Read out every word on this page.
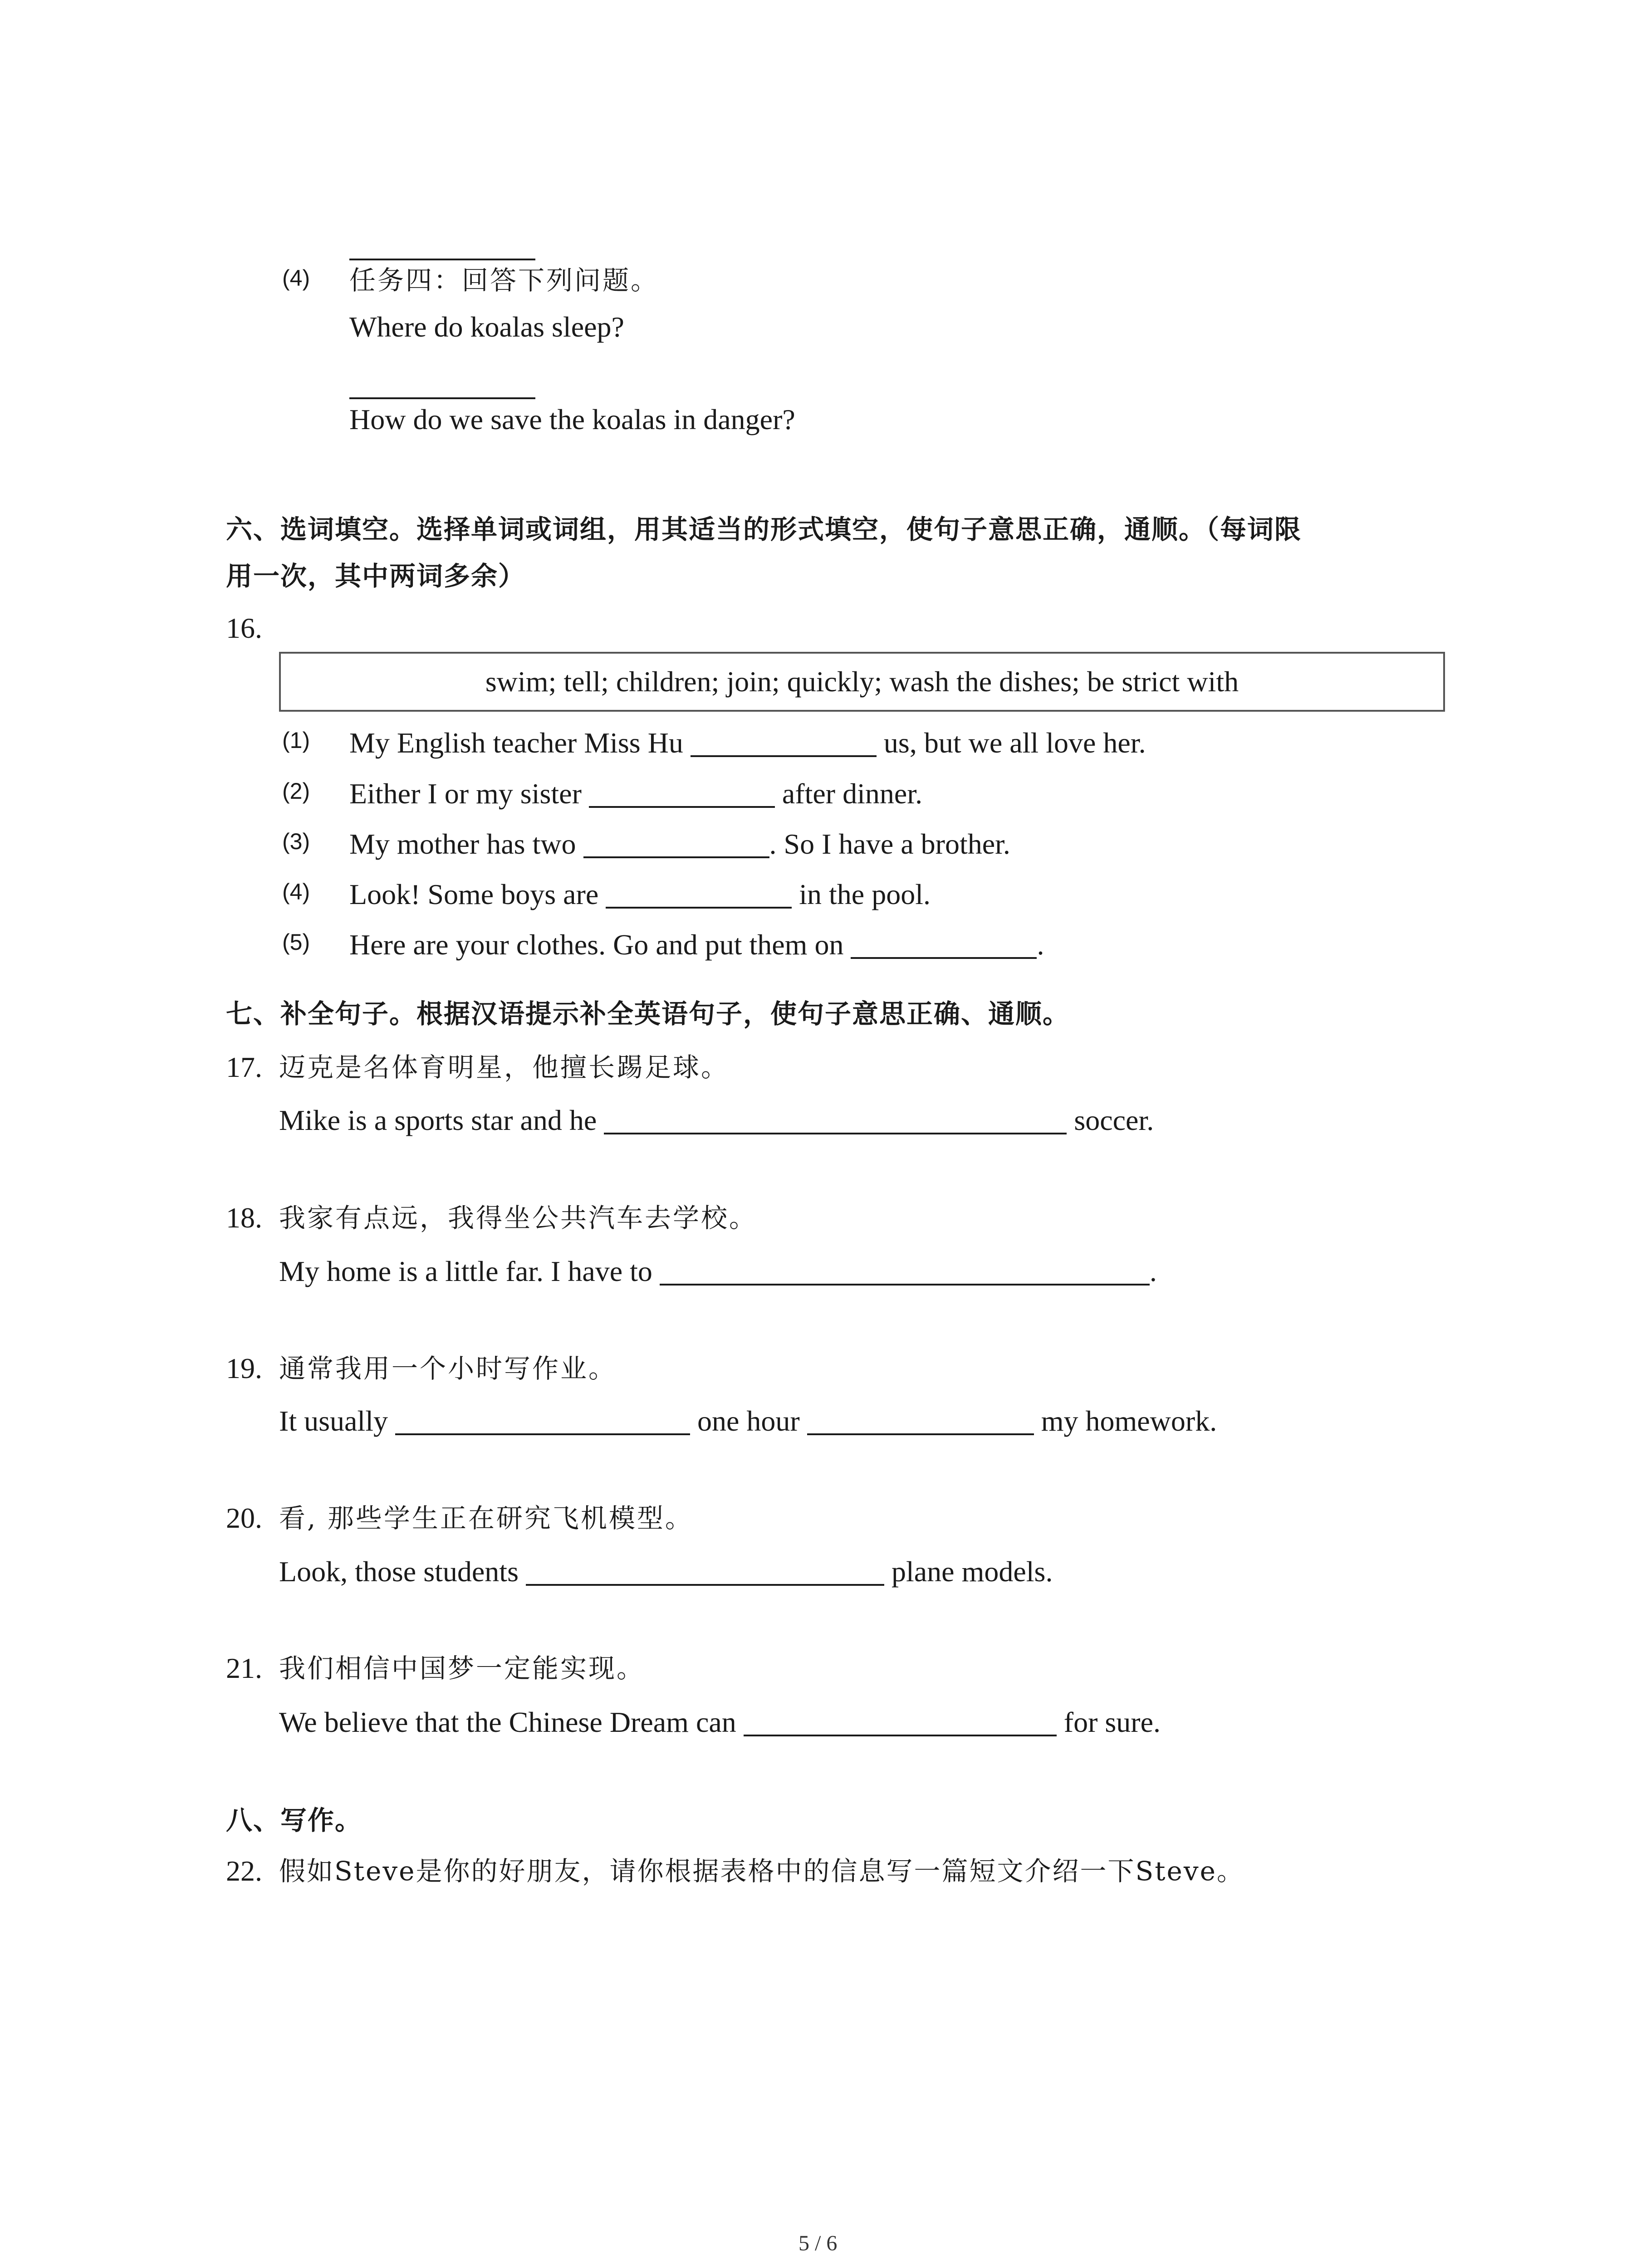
(4) 任务四：回答下列问题。
Where do koalas sleep?
How do we save the koalas in danger?
六、选词填空。选择单词或词组，用其适当的形式填空，使句子意思正确，通顺。（每词限
用一次，其中两词多余）
16.
swim; tell; children; join; quickly; wash the dishes; be strict with
(1) My English teacher Miss Hu	us, but we all love her.
(2) Either I or my sister	after dinner.
(3) My mother has two	. So I have a brother.
(4) Look! Some boys are	in the pool.
(5) Here are your clothes. Go and put them on	.
七、补全句子。根据汉语提示补全英语句子，使句子意思正确、通顺。
17. 迈克是名体育明星，他擅长踢足球。
Mike is a sports star and he	soccer.
18. 我家有点远，我得坐公共汽车去学校。
My home is a little far. I have to	.
19. 通常我用一个小时写作业。
It usually	one hour	my homework.
20. 看, 那些学生正在研究飞机模型。
Look, those students	plane models.
21. 我们相信中国梦一定能实现。
We believe that the Chinese Dream can	for sure.
八、写作。
22. 假如Steve是你的好朋友，请你根据表格中的信息写一篇短文介绍一下Steve。
5 / 6
